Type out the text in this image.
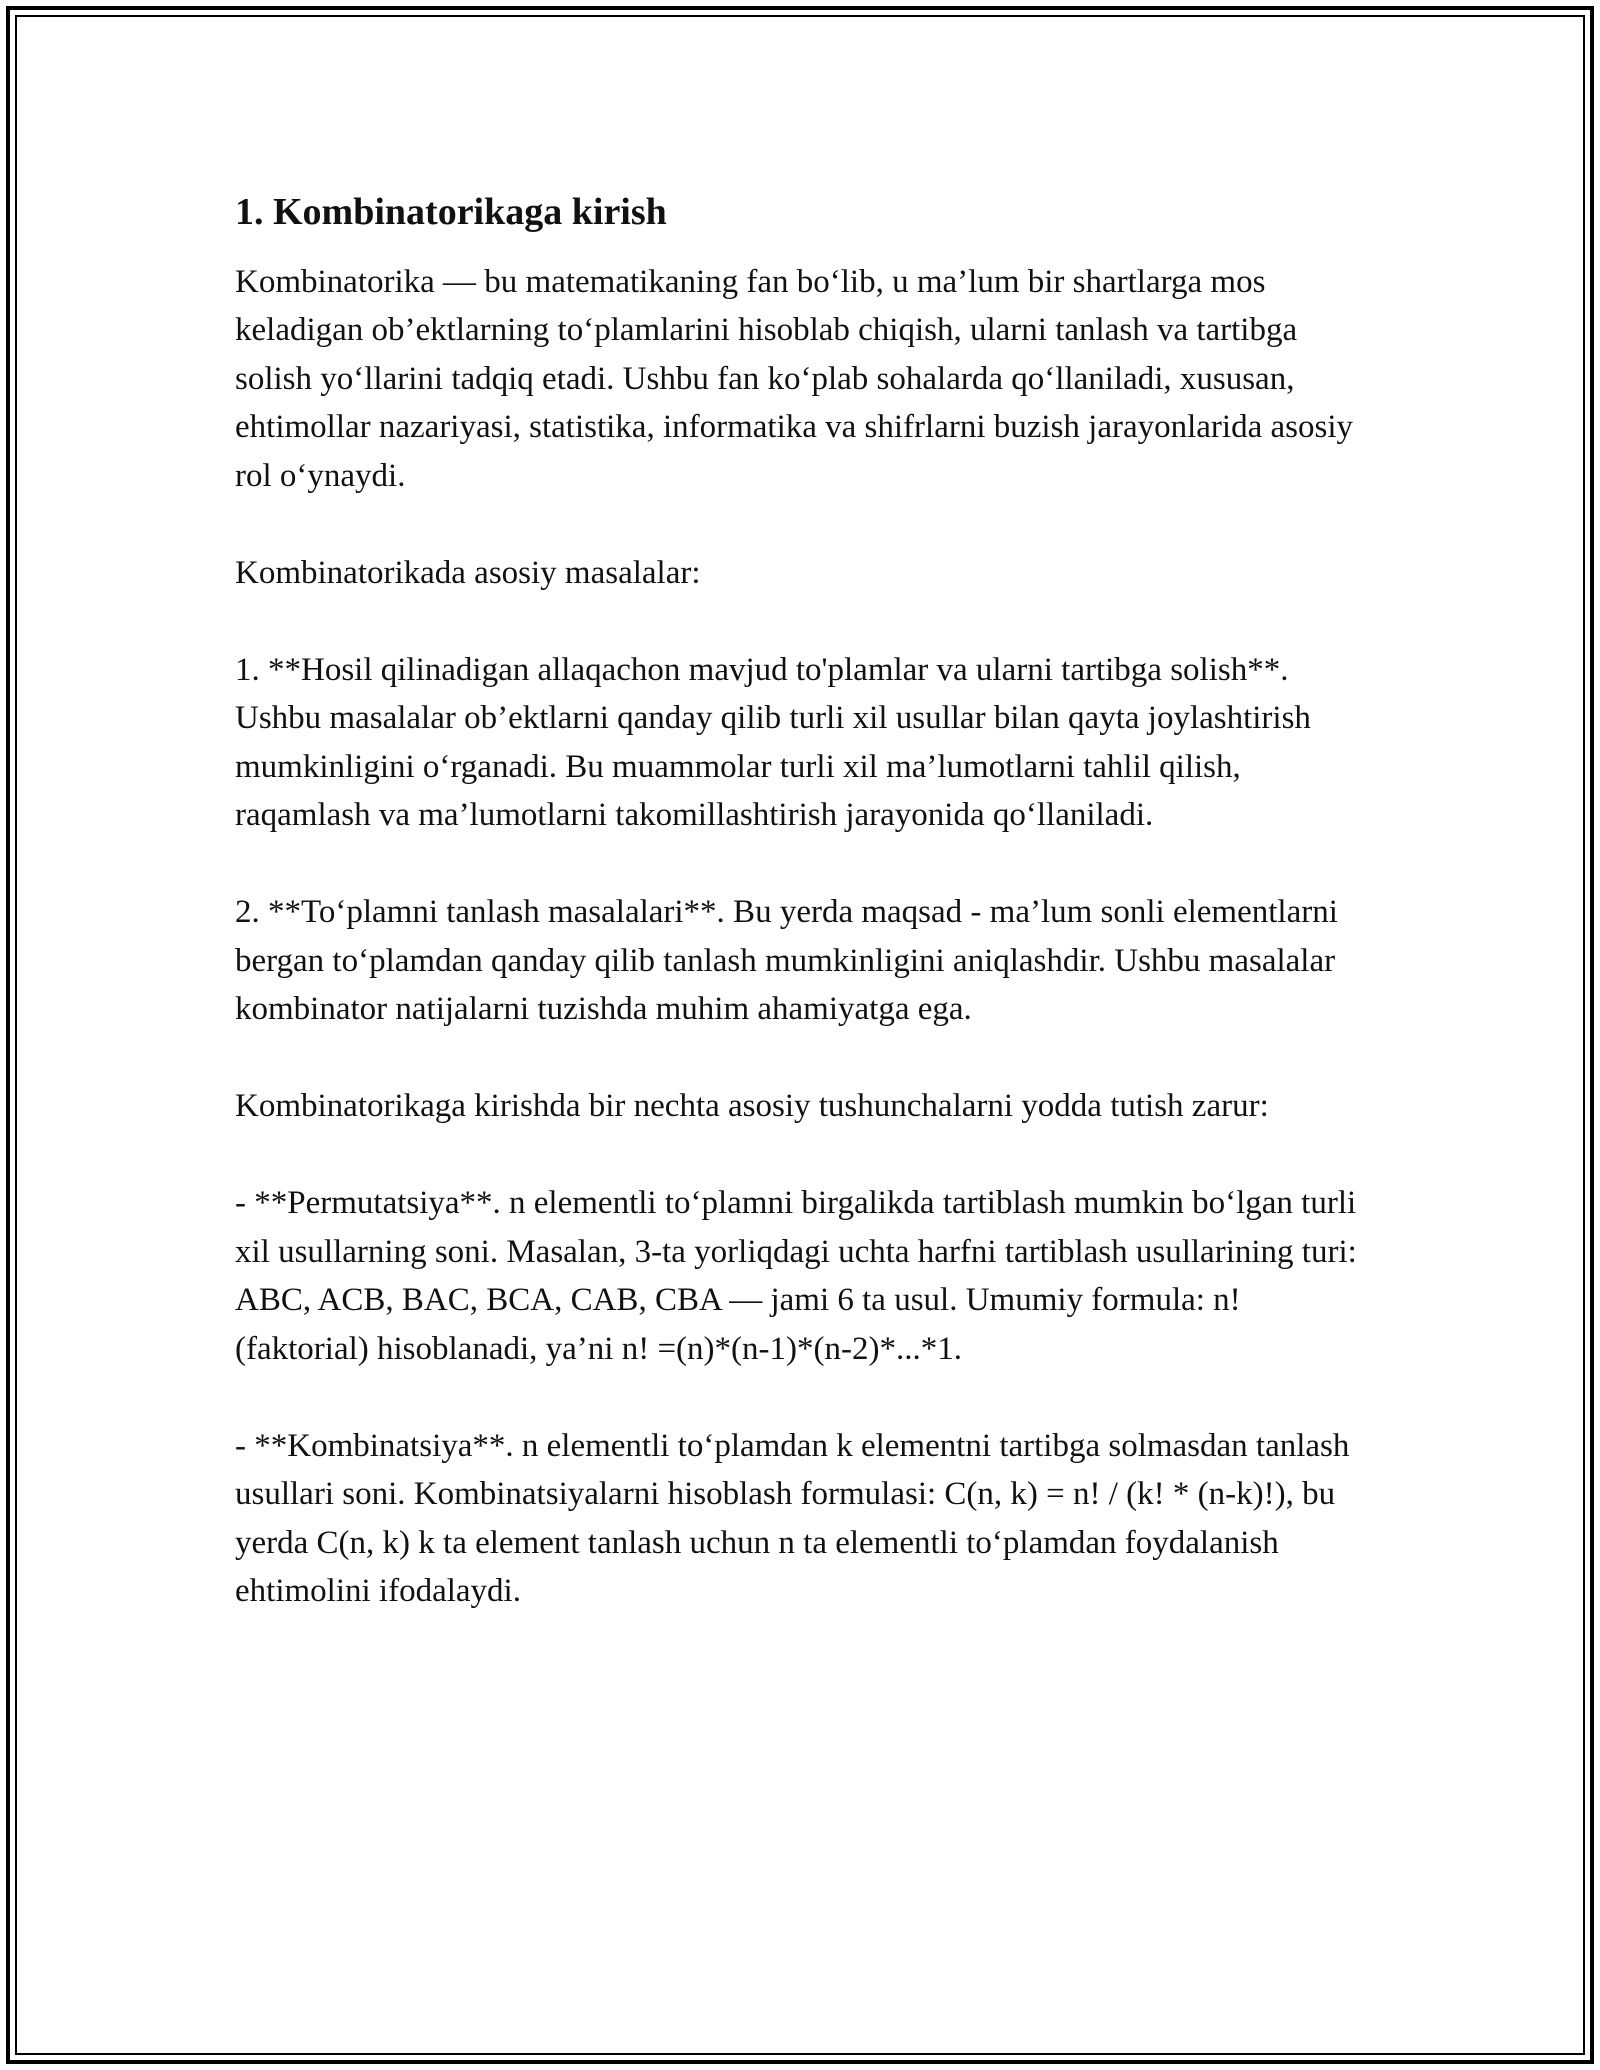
1. Kombinatorikaga kirish

Kombinatorika — bu matematikaning fan bo‘lib, u ma’lum bir shartlarga mos keladigan ob’ektlarning to‘plamlarini hisoblab chiqish, ularni tanlash va tartibga solish yo‘llarini tadqiq etadi. Ushbu fan ko‘plab sohalarda qo‘llaniladi, xususan, ehtimollar nazariyasi, statistika, informatika va shifrlarni buzish jarayonlarida asosiy rol o‘ynaydi.

Kombinatorikada asosiy masalalar:

1. **Hosil qilinadigan allaqachon mavjud to'plamlar va ularni tartibga solish**. Ushbu masalalar ob’ektlarni qanday qilib turli xil usullar bilan qayta joylashtirish mumkinligini o‘rganadi. Bu muammolar turli xil ma’lumotlarni tahlil qilish, raqamlash va ma’lumotlarni takomillashtirish jarayonida qo‘llaniladi.

2. **To‘plamni tanlash masalalari**. Bu yerda maqsad - ma’lum sonli elementlarni bergan to‘plamdan qanday qilib tanlash mumkinligini aniqlashdir. Ushbu masalalar kombinator natijalarni tuzishda muhim ahamiyatga ega.

Kombinatorikaga kirishda bir nechta asosiy tushunchalarni yodda tutish zarur:

- **Permutatsiya**. n elementli to‘plamni birgalikda tartiblash mumkin bo‘lgan turli xil usullarning soni. Masalan, 3-ta yorliqdagi uchta harfni tartiblash usullarining turi: ABC, ACB, BAC, BCA, CAB, CBA — jami 6 ta usul. Umumiy formula: n! (faktorial) hisoblanadi, ya’ni n! =(n)*(n-1)*(n-2)*...*1.

- **Kombinatsiya**. n elementli to‘plamdan k elementni tartibga solmasdan tanlash usullari soni. Kombinatsiyalarni hisoblash formulasi: C(n, k) = n! / (k! * (n-k)!), bu yerda C(n, k) k ta element tanlash uchun n ta elementli to‘plamdan foydalanish ehtimolini ifodalaydi.
